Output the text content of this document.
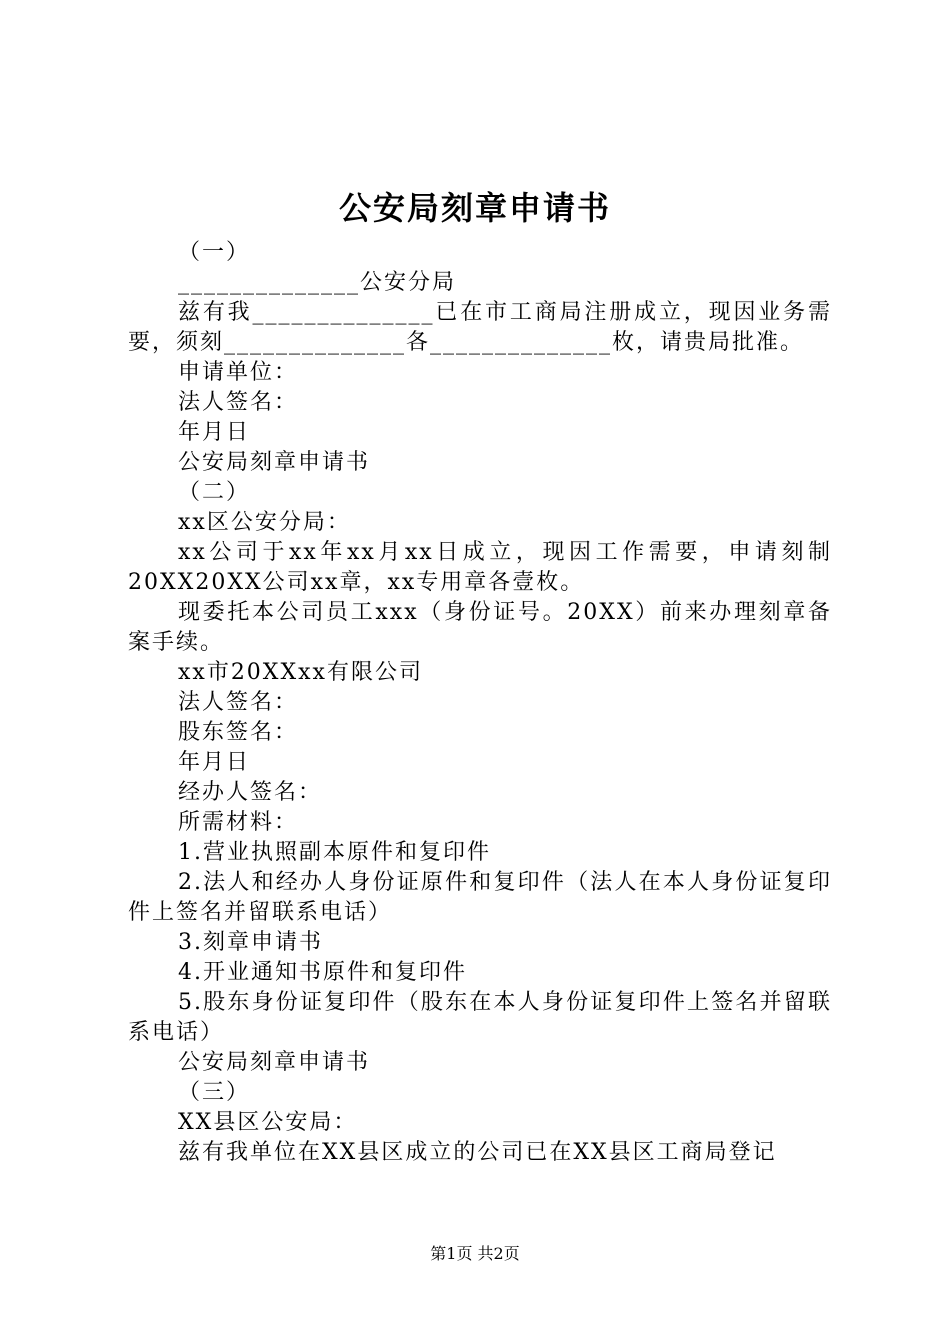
公安局刻章申请书
（一）
______________公安分局
兹有我______________已在市工商局注册成立，现因业务需要，须刻______________各______________枚，请贵局批准。
申请单位：
法人签名：
年月日
公安局刻章申请书
（二）
xx区公安分局：
xx公司于xx年xx月xx日成立，现因工作需要，申请刻制20XX20XX公司xx章，xx专用章各壹枚。
现委托本公司员工xxx（身份证号。20XX）前来办理刻章备案手续。
xx市20XXxx有限公司
法人签名：
股东签名：
年月日
经办人签名：
所需材料：
1.营业执照副本原件和复印件
2.法人和经办人身份证原件和复印件（法人在本人身份证复印件上签名并留联系电话）
3.刻章申请书
4.开业通知书原件和复印件
5.股东身份证复印件（股东在本人身份证复印件上签名并留联系电话）
公安局刻章申请书
（三）
XX县区公安局：
兹有我单位在XX县区成立的公司已在XX县区工商局登记
第1页 共2页
